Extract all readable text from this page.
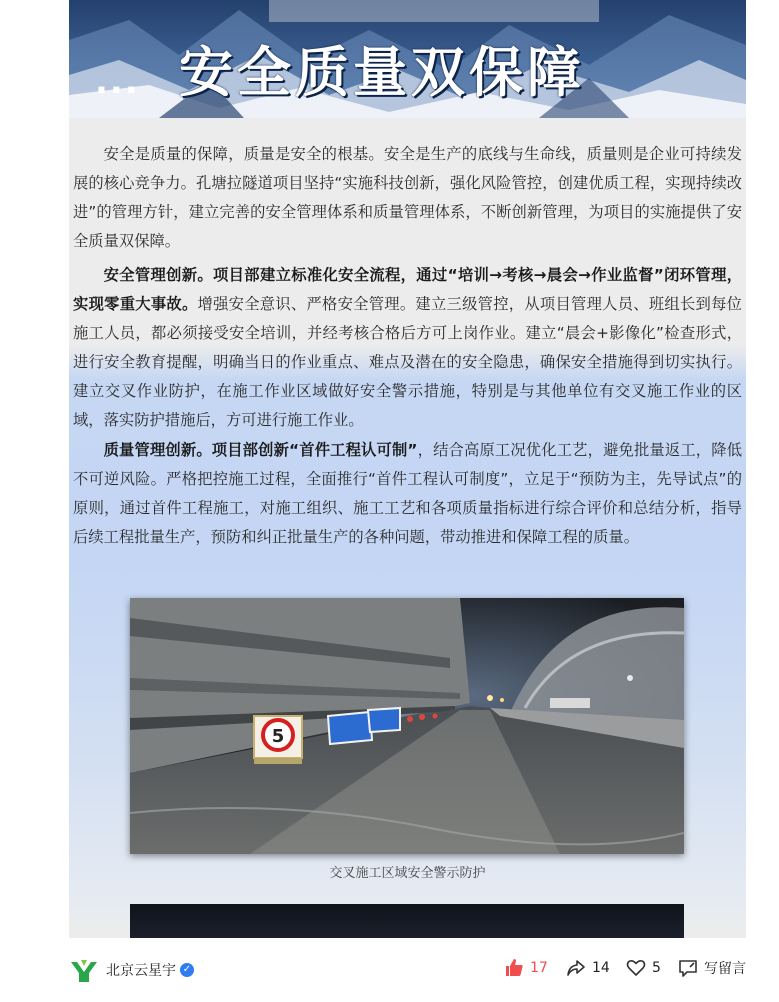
... 安全质量双保障

安全是质量的保障，质量是安全的根基。安全是生产的底线与生命线，质量则是企业可持续发展的核心竞争力。孔塘拉隧道项目坚持“实施科技创新，强化风险管控，创建优质工程，实现持续改进”的管理方针，建立完善的安全管理体系和质量管理体系，不断创新管理，为项目的实施提供了安全质量双保障。

安全管理创新。项目部建立标准化安全流程，通过“培训→考核→晨会→作业监督”闭环管理，实现零重大事故。增强安全意识、严格安全管理。建立三级管控，从项目管理人员、班组长到每位施工人员，都必须接受安全培训，并经考核合格后方可上岗作业。建立“晨会+影像化”检查形式，进行安全教育提醒，明确当日的作业重点、难点及潜在的安全隐患，确保安全措施得到切实执行。建立交叉作业防护，在施工作业区域做好安全警示措施，特别是与其他单位有交叉施工作业的区域，落实防护措施后，方可进行施工作业。

质量管理创新。项目部创新“首件工程认可制”，结合高原工况优化工艺，避免批量返工，降低不可逆风险。严格把控施工过程，全面推行“首件工程认可制度”，立足于“预防为主，先导试点”的原则，通过首件工程施工，对施工组织、施工工艺和各项质量指标进行综合评价和总结分析，指导后续工程批量生产，预防和纠正批量生产的各种问题，带动推进和保障工程的质量。

5
交叉施工区域安全警示防护
北京云星宇 ✓	17	14	5	写留言
